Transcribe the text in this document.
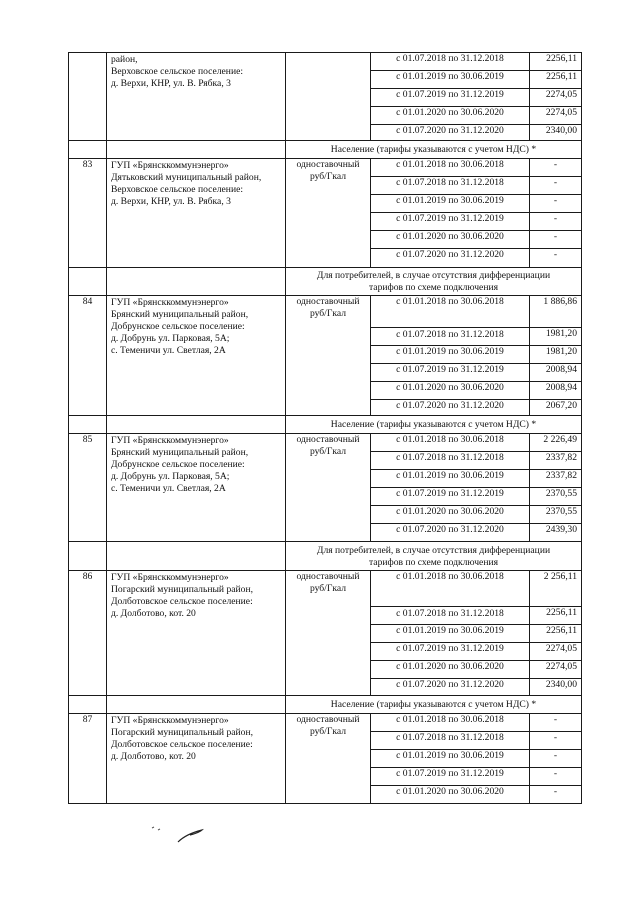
район,
Верховское сельское поселение:
д. Верхи, КНР, ул. В. Рябка, 3
с 01.07.2018 по 31.12.2018	2256,11
с 01.01.2019 по 30.06.2019	2256,11
с 01.07.2019 по 31.12.2019	2274,05
с 01.01.2020 по 30.06.2020	2274,05
с 01.07.2020 по 31.12.2020	2340,00
Население (тарифы указываются с учетом НДС) *
83	ГУП «Брянсккоммунэнерго»
Дятьковский муниципальный район,
Верховское сельское поселение:
д. Верхи, КНР, ул. В. Рябка, 3
одноставочный
руб/Гкал
с 01.01.2018 по 30.06.2018	-
с 01.07.2018 по 31.12.2018	-
с 01.01.2019 по 30.06.2019	-
с 01.07.2019 по 31.12.2019	-
с 01.01.2020 по 30.06.2020	-
с 01.07.2020 по 31.12.2020	-
Для потребителей, в случае отсутствия дифференциации тарифов по схеме подключения
84	ГУП «Брянсккоммунэнерго»
Брянский муниципальный район,
Добрунское сельское поселение:
д. Добрунь ул. Парковая, 5А;
с. Теменичи ул. Светлая, 2А
одноставочный
руб/Гкал
с 01.01.2018 по 30.06.2018	1 886,86
с 01.07.2018 по 31.12.2018	1981,20
с 01.01.2019 по 30.06.2019	1981,20
с 01.07.2019 по 31.12.2019	2008,94
с 01.01.2020 по 30.06.2020	2008,94
с 01.07.2020 по 31.12.2020	2067,20
Население (тарифы указываются с учетом НДС) *
85	ГУП «Брянсккоммунэнерго»
Брянский муниципальный район,
Добрунское сельское поселение:
д. Добрунь ул. Парковая, 5А;
с. Теменичи ул. Светлая, 2А
одноставочный
руб/Гкал
с 01.01.2018 по 30.06.2018	2 226,49
с 01.07.2018 по 31.12.2018	2337,82
с 01.01.2019 по 30.06.2019	2337,82
с 01.07.2019 по 31.12.2019	2370,55
с 01.01.2020 по 30.06.2020	2370,55
с 01.07.2020 по 31.12.2020	2439,30
Для потребителей, в случае отсутствия дифференциации тарифов по схеме подключения
86	ГУП «Брянсккоммунэнерго»
Погарский муниципальный район,
Долботовское сельское поселение:
д. Долботово, кот. 20
одноставочный
руб/Гкал
с 01.01.2018 по 30.06.2018	2 256,11
с 01.07.2018 по 31.12.2018	2256,11
с 01.01.2019 по 30.06.2019	2256,11
с 01.07.2019 по 31.12.2019	2274,05
с 01.01.2020 по 30.06.2020	2274,05
с 01.07.2020 по 31.12.2020	2340,00
Население (тарифы указываются с учетом НДС) *
87	ГУП «Брянсккоммунэнерго»
Погарский муниципальный район,
Долботовское сельское поселение:
д. Долботово, кот. 20
одноставочный
руб/Гкал
с 01.01.2018 по 30.06.2018	-
с 01.07.2018 по 31.12.2018	-
с 01.01.2019 по 30.06.2019	-
с 01.07.2019 по 31.12.2019	-
с 01.01.2020 по 30.06.2020	-
